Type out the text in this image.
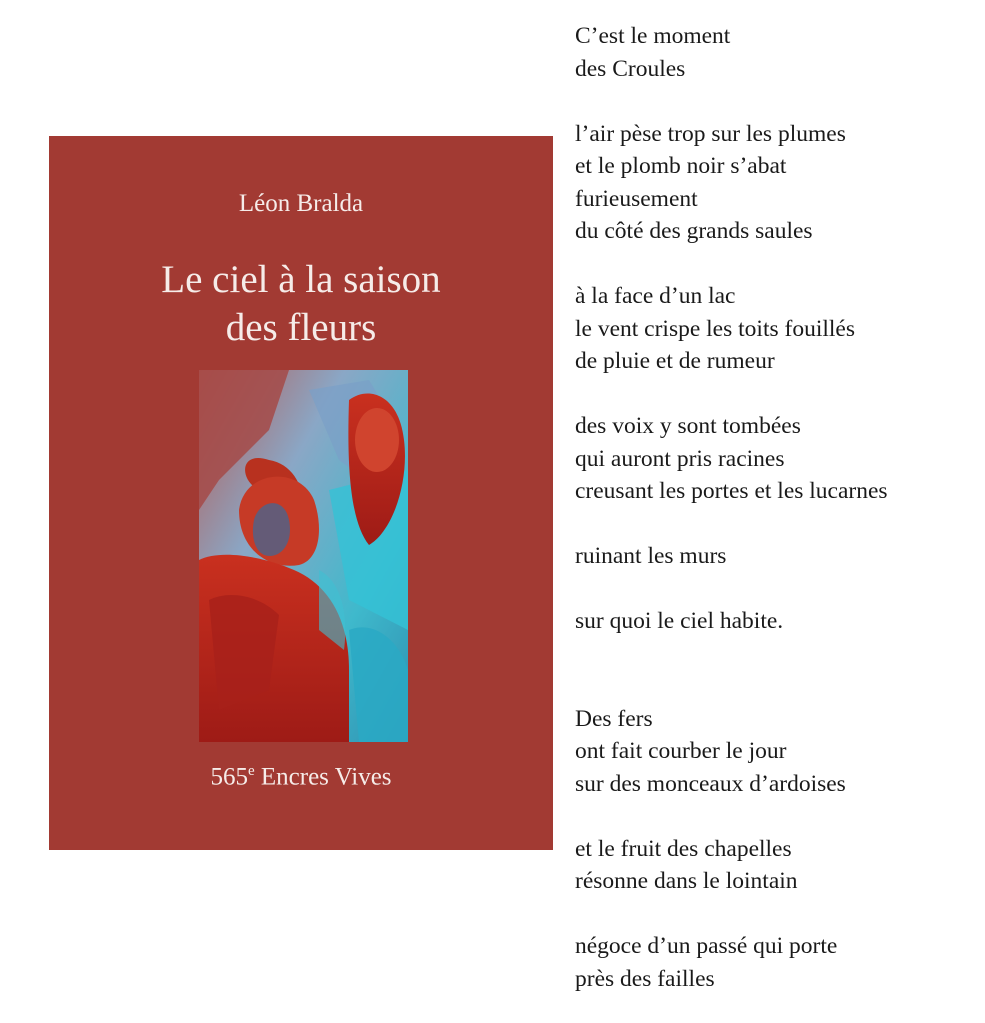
Léon Bralda
Le ciel à la saison
des fleurs
565e Encres Vives
C’est le moment
des Croules
l’air pèse trop sur les plumes
et le plomb noir s’abat
furieusement
du côté des grands saules
à la face d’un lac
le vent crispe les toits fouillés
de pluie et de rumeur
des voix y sont tombées
qui auront pris racines
creusant les portes et les lucarnes
ruinant les murs
sur quoi le ciel habite.
Des fers
ont fait courber le jour
sur des monceaux d’ardoises
et le fruit des chapelles
résonne dans le lointain
négoce d’un passé qui porte
près des failles
